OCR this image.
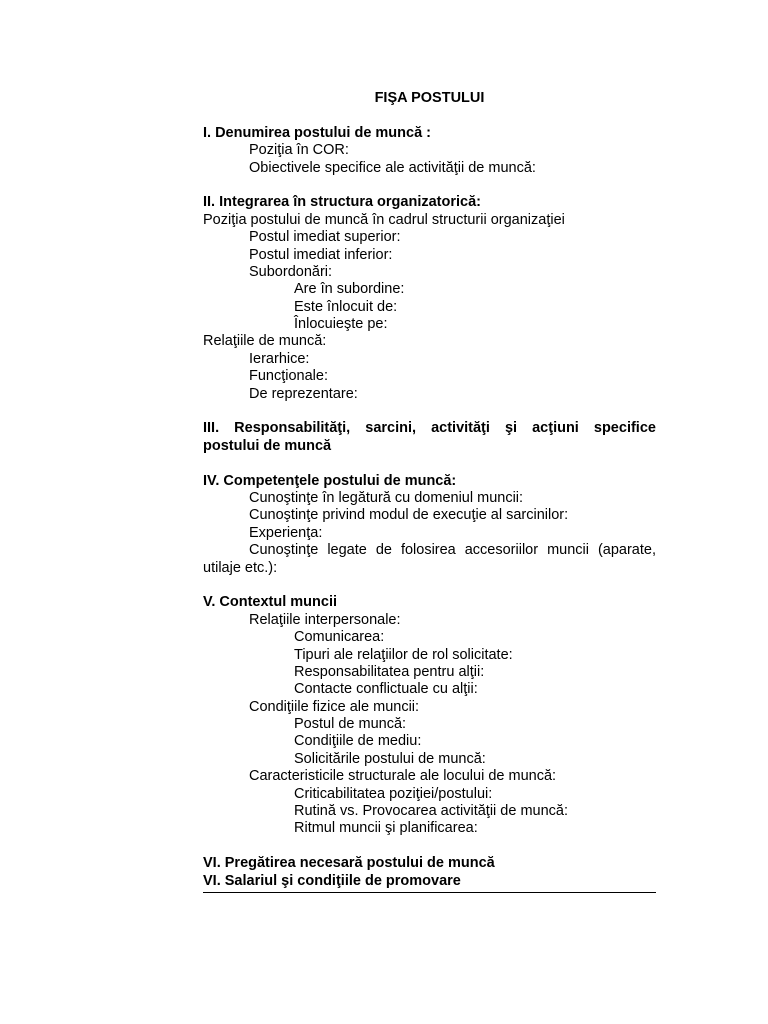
FIŞA POSTULUI
I. Denumirea postului de muncă :
Poziţia în COR:
Obiectivele specifice ale activităţii de muncă:
II. Integrarea în structura organizatorică:
Poziţia postului de muncă în cadrul structurii organizaţiei
Postul imediat superior:
Postul imediat inferior:
Subordonări:
Are în subordine:
Este înlocuit de:
Înlocuieşte pe:
Relaţiile de muncă:
Ierarhice:
Funcţionale:
De reprezentare:
III. Responsabilităţi, sarcini, activităţi şi acţiuni specifice
postului de muncă
IV. Competenţele postului de muncă:
Cunoştinţe în legătură cu domeniul muncii:
Cunoştinţe privind modul de execuţie al sarcinilor:
Experienţa:
Cunoştinţe legate de folosirea accesoriilor muncii (aparate,
utilaje etc.):
V. Contextul muncii
Relaţiile interpersonale:
Comunicarea:
Tipuri ale relaţiilor de rol solicitate:
Responsabilitatea pentru alţii:
Contacte conflictuale cu alţii:
Condiţiile fizice ale muncii:
Postul de muncă:
Condiţiile de mediu:
Solicitările postului de muncă:
Caracteristicile structurale ale locului de muncă:
Criticabilitatea poziţiei/postului:
Rutină vs. Provocarea activităţii de muncă:
Ritmul muncii şi planificarea:
VI. Pregătirea necesară postului de muncă
VI. Salariul şi condiţiile de promovare
